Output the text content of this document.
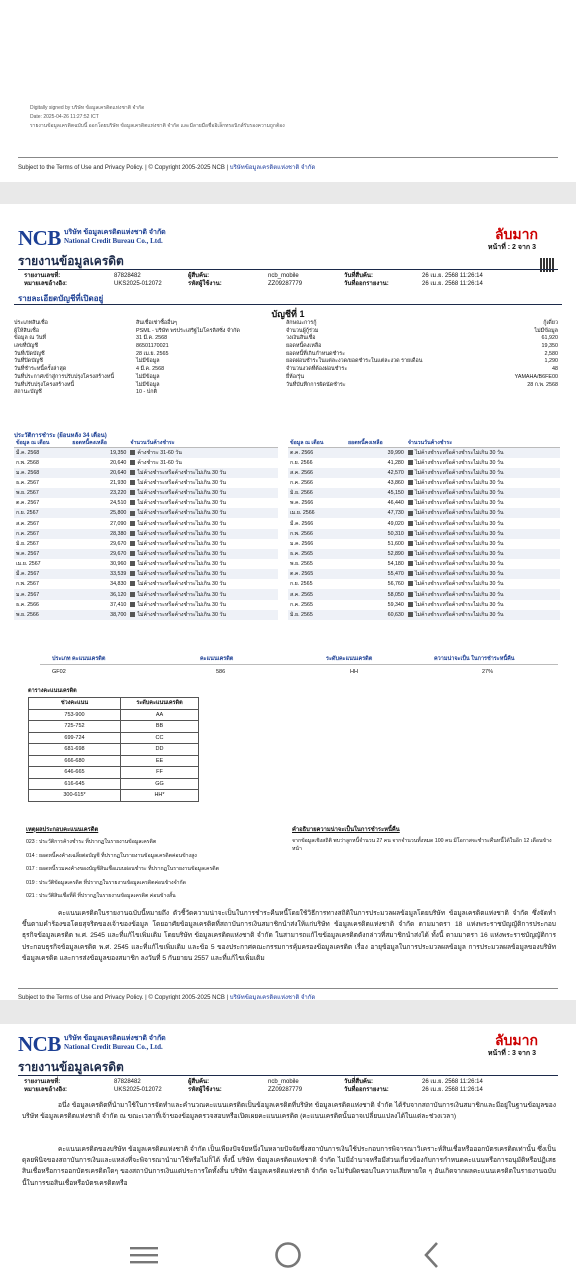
Digitally signed by บริษัท ข้อมูลเครดิตแห่งชาติ จำกัด
Date: 2025-04-26 11:27:52 ICT
รายงานข้อมูลเครดิตฉบับนี้ ออกโดยบริษัท ข้อมูลเครดิตแห่งชาติ จำกัด และมีลายมือชื่ออิเล็กทรอนิกส์รับรองความถูกต้อง
Subject to the Terms of Use and Privacy Policy. | © Copyright 2005-2025 NCB | บริษัทข้อมูลเครดิตแห่งชาติ จำกัด
NCB บริษัท ข้อมูลเครดิตแห่งชาติ จำกัด
National Credit Bureau Co., Ltd.	ลับมาก
หน้าที่ : 2 จาก 3
รายงานข้อมูลเครดิต
รายงานเลขที่:	87828482
หมายเลขอ้างอิง:	UKS2025-012072
ผู้สืบค้น:	ncb_mobile
รหัสผู้ใช้งาน:	ZZ09287779
วันที่สืบค้น:	26 เม.ย. 2568 11:26:14
วันที่ออกรายงาน:	26 เม.ย. 2568 11:26:14
รายละเอียดบัญชีที่เปิดอยู่
บัญชีที่ 1
ประเภทสินเชื่อ	สินเชื่อเช่าซื้ออื่นๆ
ผู้ให้สินเชื่อ	PSML - บริษัท พรประเสริฐไมโครลิสซิ่ง จำกัด
ข้อมูล ณ วันที่	31 มี.ค. 2568
เลขที่บัญชี	86501170021
วันที่เปิดบัญชี	28 เม.ย. 2565
วันที่ปิดบัญชี	ไม่มีข้อมูล
วันที่ชำระหนี้ครั้งล่าสุด	4 มี.ค. 2568
วันที่ประกาศเข้าสู่การปรับปรุงโครงสร้างหนี้	ไม่มีข้อมูล
วันที่ปรับปรุงโครงสร้างหนี้	ไม่มีข้อมูล
สถานะบัญชี	10 - ปกติ
ลักษณะการกู้	กู้เดี่ยว
จำนวนผู้กู้ร่วม	ไม่มีข้อมูล
วงเงินสินเชื่อ	61,920
ยอดหนี้คงเหลือ	19,350
ยอดหนี้ที่เกินกำหนดชำระ	2,580
ยอดผ่อนชำระในแต่ละงวด/ยอดชำระในแต่ละงวด รายเดือน	1,290
จำนวนงวดที่ต้องผ่อนชำระ	48
ยี่ห้อ/รุ่น	YAMAHA/B6FE00
วันที่บันทึกการผิดนัดชำระ	28 ก.พ. 2568
ประวัติการชำระ (ย้อนหลัง 34 เดือน)
ข้อมูล ณ เดือน	ยอดหนี้คงเหลือ	จำนวนวันค้างชำระ
มี.ค. 2568	19,350	ค้างชำระ 31-60 วัน
ก.พ. 2568	20,640	ค้างชำระ 31-60 วัน
ม.ค. 2568	20,640	ไม่ค้างชำระหรือค้างชำระไม่เกิน 30 วัน
ธ.ค. 2567	21,930	ไม่ค้างชำระหรือค้างชำระไม่เกิน 30 วัน
พ.ย. 2567	23,220	ไม่ค้างชำระหรือค้างชำระไม่เกิน 30 วัน
ต.ค. 2567	24,510	ไม่ค้างชำระหรือค้างชำระไม่เกิน 30 วัน
ก.ย. 2567	25,800	ไม่ค้างชำระหรือค้างชำระไม่เกิน 30 วัน
ส.ค. 2567	27,090	ไม่ค้างชำระหรือค้างชำระไม่เกิน 30 วัน
ก.ค. 2567	28,380	ไม่ค้างชำระหรือค้างชำระไม่เกิน 30 วัน
มิ.ย. 2567	29,670	ไม่ค้างชำระหรือค้างชำระไม่เกิน 30 วัน
พ.ค. 2567	29,670	ไม่ค้างชำระหรือค้างชำระไม่เกิน 30 วัน
เม.ย. 2567	30,960	ไม่ค้างชำระหรือค้างชำระไม่เกิน 30 วัน
มี.ค. 2567	33,539	ไม่ค้างชำระหรือค้างชำระไม่เกิน 30 วัน
ก.พ. 2567	34,830	ไม่ค้างชำระหรือค้างชำระไม่เกิน 30 วัน
ม.ค. 2567	36,120	ไม่ค้างชำระหรือค้างชำระไม่เกิน 30 วัน
ธ.ค. 2566	37,410	ไม่ค้างชำระหรือค้างชำระไม่เกิน 30 วัน
พ.ย. 2566	38,700	ไม่ค้างชำระหรือค้างชำระไม่เกิน 30 วัน
ข้อมูล ณ เดือน	ยอดหนี้คงเหลือ	จำนวนวันค้างชำระ
ต.ค. 2566	39,990	ไม่ค้างชำระหรือค้างชำระไม่เกิน 30 วัน
ก.ย. 2566	41,280	ไม่ค้างชำระหรือค้างชำระไม่เกิน 30 วัน
ส.ค. 2566	42,570	ไม่ค้างชำระหรือค้างชำระไม่เกิน 30 วัน
ก.ค. 2566	43,860	ไม่ค้างชำระหรือค้างชำระไม่เกิน 30 วัน
มิ.ย. 2566	45,150	ไม่ค้างชำระหรือค้างชำระไม่เกิน 30 วัน
พ.ค. 2566	46,440	ไม่ค้างชำระหรือค้างชำระไม่เกิน 30 วัน
เม.ย. 2566	47,730	ไม่ค้างชำระหรือค้างชำระไม่เกิน 30 วัน
มี.ค. 2566	49,020	ไม่ค้างชำระหรือค้างชำระไม่เกิน 30 วัน
ก.พ. 2566	50,310	ไม่ค้างชำระหรือค้างชำระไม่เกิน 30 วัน
ม.ค. 2566	51,600	ไม่ค้างชำระหรือค้างชำระไม่เกิน 30 วัน
ธ.ค. 2565	52,890	ไม่ค้างชำระหรือค้างชำระไม่เกิน 30 วัน
พ.ย. 2565	54,180	ไม่ค้างชำระหรือค้างชำระไม่เกิน 30 วัน
ต.ค. 2565	55,470	ไม่ค้างชำระหรือค้างชำระไม่เกิน 30 วัน
ก.ย. 2565	56,760	ไม่ค้างชำระหรือค้างชำระไม่เกิน 30 วัน
ส.ค. 2565	58,050	ไม่ค้างชำระหรือค้างชำระไม่เกิน 30 วัน
ก.ค. 2565	59,340	ไม่ค้างชำระหรือค้างชำระไม่เกิน 30 วัน
มิ.ย. 2565	60,630	ไม่ค้างชำระหรือค้างชำระไม่เกิน 30 วัน
ประเภท คะแนนเครดิต	คะแนนเครดิต	ระดับคะแนนเครดิต	ความน่าจะเป็น ในการชำระหนี้คืน
GF02	586	HH	27%
ตารางคะแนนเครดิต
ช่วงคะแนน	ระดับคะแนนเครดิต
753-900	AA
725-752	BB
699-724	CC
681-698	DD
666-680	EE
646-665	FF
616-645	GG
300-615*	HH*
เหตุผลประกอบคะแนนเครดิต
023 : ประวัติการค้างชำระ ที่ปรากฏในรายงานข้อมูลเครดิต
014 : ยอดหนี้คงค้างเฉลี่ยต่อบัญชี ที่ปรากฏในรายงานข้อมูลเครดิตค่อนข้างสูง
017 : ยอดหนี้รวมคงค้างของบัญชีสินเชื่อแบบผ่อนชำระ ที่ปรากฏในรายงานข้อมูลเครดิต
019 : ประวัติข้อมูลเครดิต ที่ปรากฏในรายงานข้อมูลเครดิตค่อนข้างจำกัด
021 : ประวัติสินเชื่อที่ดี ที่ปรากฏในรายงานข้อมูลเครดิต ค่อนข้างสั้น
คำอธิบายความน่าจะเป็นในการชำระหนี้คืน
จากข้อมูลเชิงสถิติ พบว่าลูกหนี้จำนวน 27 คน จากจำนวนทั้งหมด 100 คน มีโอกาสจะชำระคืนหนี้ได้ในอีก 12 เดือนข้างหน้า
คะแนนเครดิตในรายงานฉบับนี้หมายถึง ตัวชี้วัดความน่าจะเป็นในการชำระคืนหนี้โดยใช้วิธีการทางสถิติในการประมวลผลข้อมูลโดยบริษัท ข้อมูลเครดิตแห่งชาติ จำกัด ซึ่งจัดทำขึ้นตามคำร้องขอโดยสุจริตของเจ้าของข้อมูล โดยอาศัยข้อมูลเครดิตที่สถาบันการเงินสมาชิกนำส่งให้แก่บริษัท ข้อมูลเครดิตแห่งชาติ จำกัด ตามมาตรา 18 แห่งพระราชบัญญัติการประกอบธุรกิจข้อมูลเครดิต พ.ศ. 2545 และที่แก้ไขเพิ่มเติม โดยบริษัท ข้อมูลเครดิตแห่งชาติ จำกัด ในสามารถแก้ไขข้อมูลเครดิตตังกล่าวที่สมาชิกนำส่งได้ ทั้งนี้ ตามมาตรา 16 แห่งพระราชบัญญัติการประกอบธุรกิจข้อมูลเครดิต พ.ศ. 2545 และที่แก้ไขเพิ่มเติม และข้อ 5 ของประกาศคณะกรรมการคุ้มครองข้อมูลเครดิต เรื่อง อายุข้อมูลในการประมวลผลข้อมูล การประมวลผลข้อมูลของบริษัทข้อมูลเครดิต และการส่งข้อมูลของสมาชิก ลงวันที่ 5 กันยายน 2557 และที่แก้ไขเพิ่มเติม
Subject to the Terms of Use and Privacy Policy. | © Copyright 2005-2025 NCB | บริษัทข้อมูลเครดิตแห่งชาติ จำกัด
NCB บริษัท ข้อมูลเครดิตแห่งชาติ จำกัด
National Credit Bureau Co., Ltd.	ลับมาก
หน้าที่ : 3 จาก 3
รายงานข้อมูลเครดิต
รายงานเลขที่:	87828482
หมายเลขอ้างอิง:	UKS2025-012072
ผู้สืบค้น:	ncb_mobile
รหัสผู้ใช้งาน:	ZZ09287779
วันที่สืบค้น:	26 เม.ย. 2568 11:26:14
วันที่ออกรายงาน:	26 เม.ย. 2568 11:26:14
อนึ่ง ข้อมูลเครดิตที่นำมาใช้ในการจัดทำและคำนวณคะแนนเครดิตเป็นข้อมูลเครดิตที่บริษัท ข้อมูลเครดิตแห่งชาติ จำกัด ได้รับจากสถาบันการเงินสมาชิกและมีอยู่ในฐานข้อมูลของบริษัท ข้อมูลเครดิตแห่งชาติ จำกัด ณ ขณะเวลาที่เจ้าของข้อมูลตรวจสอบหรือเปิดเผยคะแนนเครดิต (คะแนนเครดิตนั้นอาจเปลี่ยนแปลงได้ในแต่ละช่วงเวลา)
คะแนนเครดิตของบริษัท ข้อมูลเครดิตแห่งชาติ จำกัด เป็นเพียงปัจจัยหนึ่งในหลายปัจจัยซึ่งสถาบันการเงินใช้ประกอบการพิจารณาวิเคราะห์สินเชื่อหรือออกบัตรเครดิตเท่านั้น ซึ่งเป็นดุลยพินิจของสถาบันการเงินและแหล่งที่จะพิจารณานำมาใช้หรือไม่ก็ได้ ทั้งนี้ บริษัท ข้อมูลเครดิตแห่งชาติ จำกัด ไม่มีอำนาจหรือมีส่วนเกี่ยวข้องกับการกำหนดคะแนนหรือการอนุมัติหรือปฏิเสธสินเชื่อหรือการออกบัตรเครดิตใดๆ ของสถาบันการเงินแต่ประการใดทั้งสิ้น บริษัท ข้อมูลเครดิตแห่งชาติ จำกัด จะไม่รับผิดชอบในความเสียหายใด ๆ อันเกิดจากผลคะแนนเครดิตในรายงานฉบับนี้ในการขอสินเชื่อหรือบัตรเครดิตหรือ
